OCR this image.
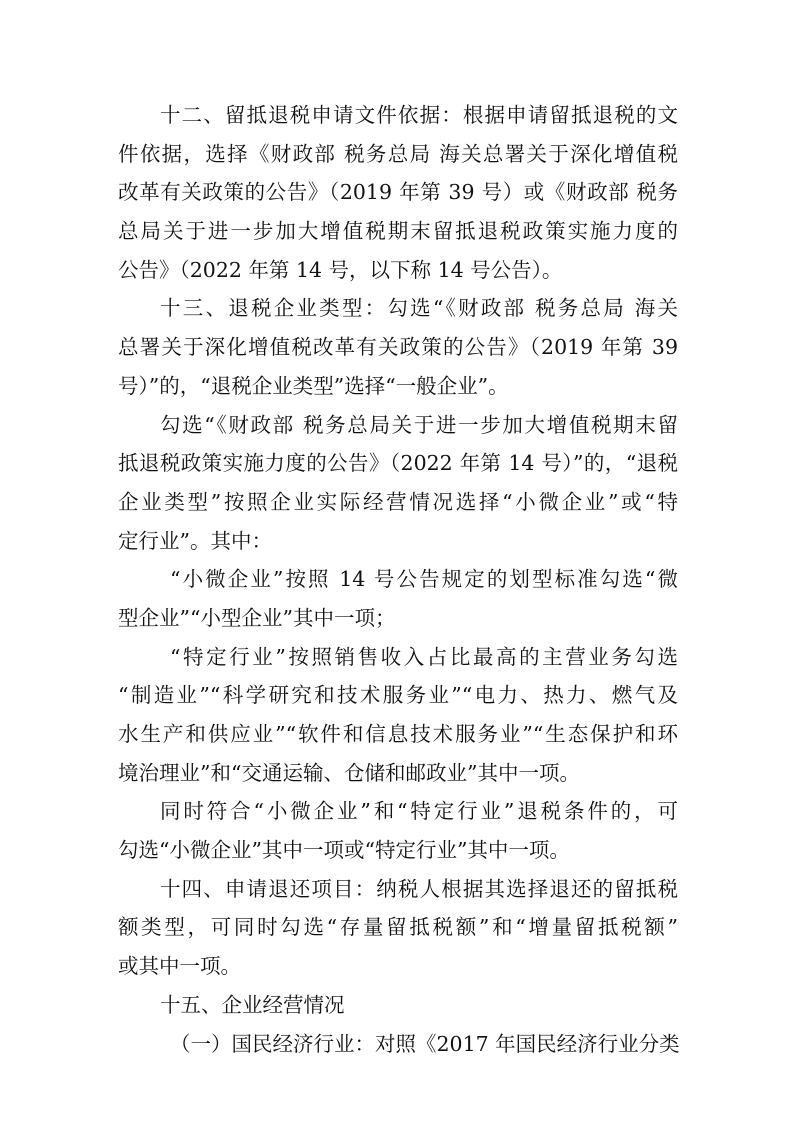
十二、留抵退税申请文件依据：根据申请留抵退税的文
件依据，选择《财政部 税务总局 海关总署关于深化增值税
改革有关政策的公告》（2019 年第 39 号）或《财政部 税务
总局关于进一步加大增值税期末留抵退税政策实施力度的
公告》（2022 年第 14 号，以下称 14 号公告）。
十三、退税企业类型：勾选“《财政部 税务总局 海关
总署关于深化增值税改革有关政策的公告》（2019 年第 39
号）”的，“退税企业类型”选择“一般企业”。
勾选“《财政部 税务总局关于进一步加大增值税期末留
抵退税政策实施力度的公告》（2022 年第 14 号）”的，“退税
企业类型”按照企业实际经营情况选择“小微企业”或“特
定行业”。其中：
“小微企业”按照 14 号公告规定的划型标准勾选“微
型企业”“小型企业”其中一项；
“特定行业”按照销售收入占比最高的主营业务勾选
“制造业”“科学研究和技术服务业”“电力、热力、燃气及
水生产和供应业”“软件和信息技术服务业”“生态保护和环
境治理业”和“交通运输、仓储和邮政业”其中一项。
同时符合“小微企业”和“特定行业”退税条件的，可
勾选“小微企业”其中一项或“特定行业”其中一项。
十四、申请退还项目：纳税人根据其选择退还的留抵税
额类型，可同时勾选“存量留抵税额”和“增量留抵税额”
或其中一项。
十五、企业经营情况
（一）国民经济行业：对照《2017 年国民经济行业分类
